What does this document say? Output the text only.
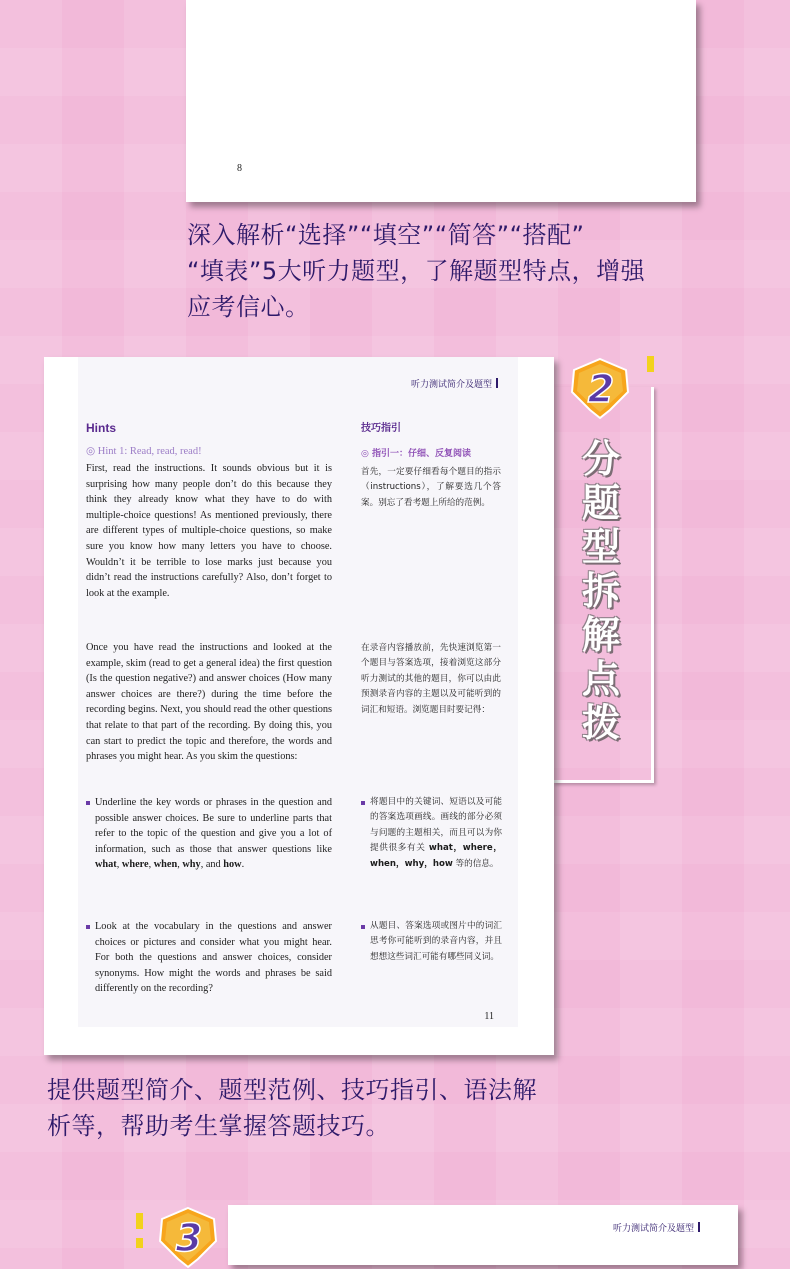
8
深入解析“选择”“填空”“简答”“搭配”
“填表”5大听力题型，了解题型特点，增强
应考信心。
2
分
题
型
拆
解
点
拨
听力测试简介及题型
Hints
◎ Hint 1: Read, read, read!

First, read the instructions. It sounds obvious but it is surprising how many people don’t do this because they think they already know what they have to do with multiple-choice questions! As mentioned previously, there are different types of multiple-choice questions, so make sure you know how many letters you have to choose. Wouldn’t it be terrible to lose marks just because you didn’t read the instructions carefully? Also, don’t forget to look at the example.

Once you have read the instructions and looked at the example, skim (read to get a general idea) the first question (Is the question negative?) and answer choices (How many answer choices are there?) during the time before the recording begins. Next, you should read the other questions that relate to that part of the recording. By doing this, you can start to predict the topic and therefore, the words and phrases you might hear. As you skim the questions:

Underline the key words or phrases in the question and possible answer choices. Be sure to underline parts that refer to the topic of the question and give you a lot of information, such as those that answer questions like what, where, when, why, and how.

Look at the vocabulary in the questions and answer choices or pictures and consider what you might hear. For both the questions and answer choices, consider synonyms. How might the words and phrases be said differently on the recording?

技巧指引
◎ 指引一：仔细、反复阅读

首先，一定要仔细看每个题目的指示（instructions），了解要选几个答案。别忘了看考题上所给的范例。

在录音内容播放前，先快速浏览第一个题目与答案选项，接着浏览这部分听力测试的其他的题目，你可以由此预测录音内容的主题以及可能听到的词汇和短语。浏览题目时要记得：

将题目中的关键词、短语以及可能的答案选项画线。画线的部分必须与问题的主题相关，而且可以为你提供很多有关 what，where，when，why，how 等的信息。

从题目、答案选项或图片中的词汇思考你可能听到的录音内容，并且想想这些词汇可能有哪些同义词。

11
提供题型简介、题型范例、技巧指引、语法解
析等，帮助考生掌握答题技巧。
听力测试简介及题型
3
